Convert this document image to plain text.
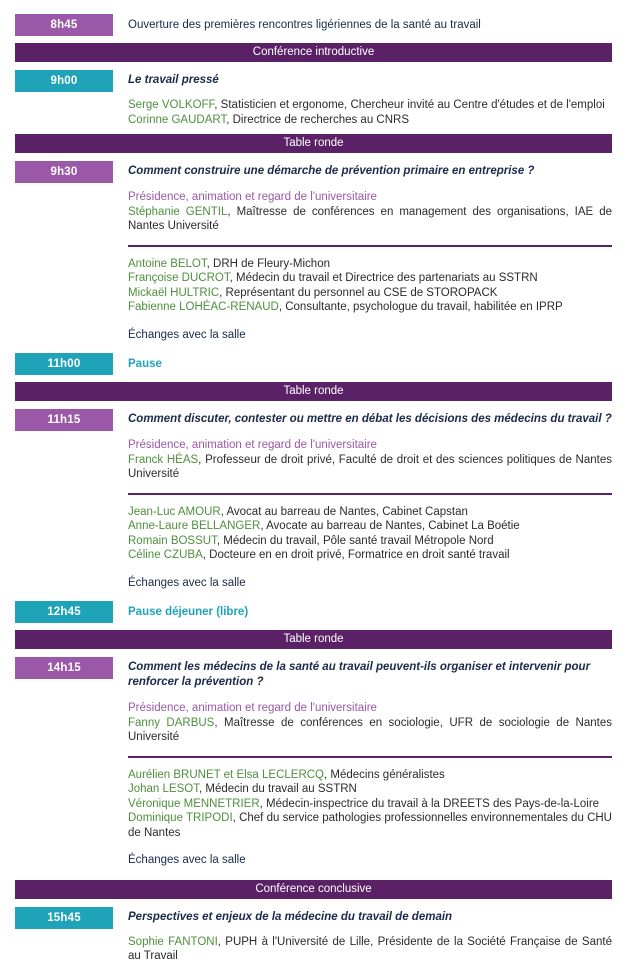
8h45	Ouverture des premières rencontres ligériennes de la santé au travail
Conférence introductive
9h00	Le travail pressé
Serge VOLKOFF, Statisticien et ergonome, Chercheur invité au Centre d'études et de l'emploi
Corinne GAUDART, Directrice de recherches au CNRS
Table ronde
9h30	Comment construire une démarche de prévention primaire en entreprise ?
Présidence, animation et regard de l'universitaire
Stéphanie GENTIL, Maîtresse de conférences en management des organisations, IAE de Nantes Université
Antoine BELOT, DRH de Fleury-Michon
Françoise DUCROT, Médecin du travail et Directrice des partenariats au SSTRN
Mickaël HULTRIC, Représentant du personnel au CSE de STOROPACK
Fabienne LOHÉAC-RENAUD, Consultante, psychologue du travail, habilitée en IPRP
Échanges avec la salle
11h00	Pause
Table ronde
11h15	Comment discuter, contester ou mettre en débat les décisions des médecins du travail ?
Présidence, animation et regard de l'universitaire
Franck HÉAS, Professeur de droit privé, Faculté de droit et des sciences politiques de Nantes Université
Jean-Luc AMOUR, Avocat au barreau de Nantes, Cabinet Capstan
Anne-Laure BELLANGER, Avocate au barreau de Nantes, Cabinet La Boétie
Romain BOSSUT, Médecin du travail, Pôle santé travail Métropole Nord
Céline CZUBA, Docteure en en droit privé, Formatrice en droit santé travail
Échanges avec la salle
12h45	Pause déjeuner (libre)
Table ronde
14h15	Comment les médecins de la santé au travail peuvent-ils organiser et intervenir pour renforcer la prévention ?
Présidence, animation et regard de l'universitaire
Fanny DARBUS, Maîtresse de conférences en sociologie, UFR de sociologie de Nantes Université
Aurélien BRUNET et Elsa LECLERCQ, Médecins généralistes
Johan LESOT, Médecin du travail au SSTRN
Véronique MENNETRIER, Médecin-inspectrice du travail à la DREETS des Pays-de-la-Loire
Dominique TRIPODI, Chef du service pathologies professionnelles environnementales du CHU de Nantes
Échanges avec la salle
Conférence conclusive
15h45	Perspectives et enjeux de la médecine du travail de demain
Sophie FANTONI, PUPH à l'Université de Lille, Présidente de la Société Française de Santé au Travail
